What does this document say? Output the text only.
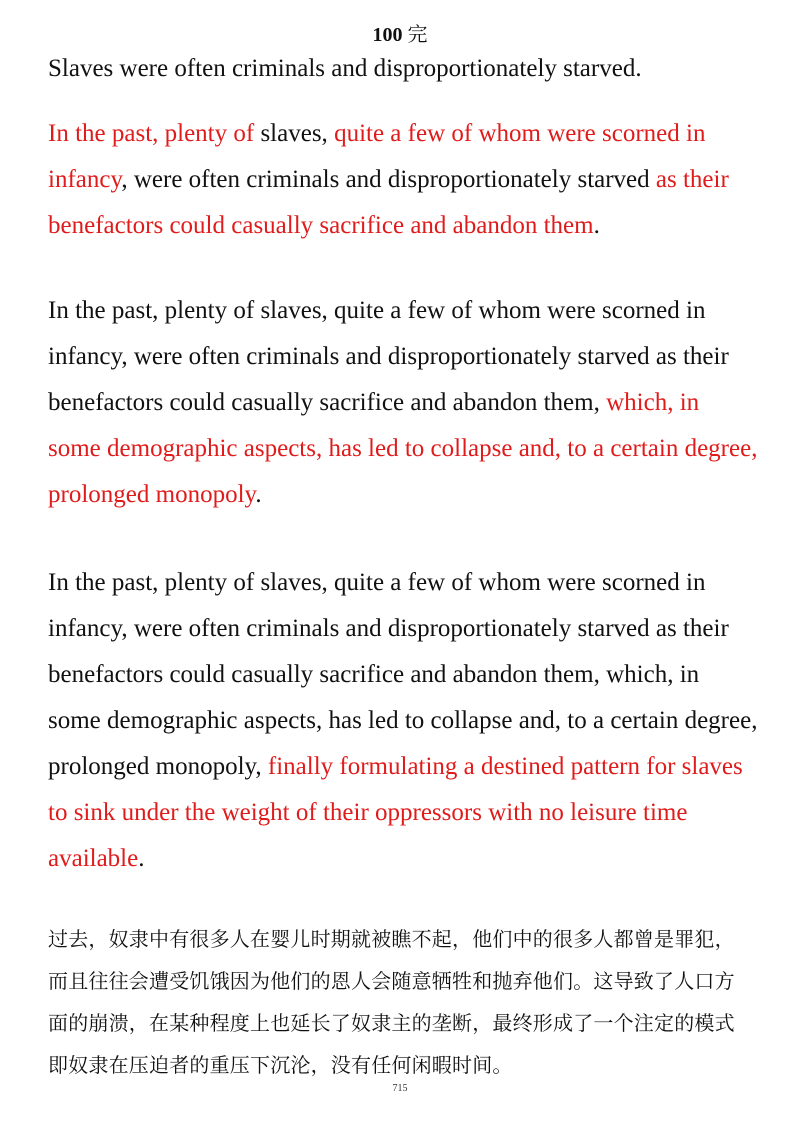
100 完
Slaves were often criminals and disproportionately starved.

In the past, plenty of slaves, quite a few of whom were scorned in infancy, were often criminals and disproportionately starved as their benefactors could casually sacrifice and abandon them.

In the past, plenty of slaves, quite a few of whom were scorned in infancy, were often criminals and disproportionately starved as their benefactors could casually sacrifice and abandon them, which, in some demographic aspects, has led to collapse and, to a certain degree, prolonged monopoly.

In the past, plenty of slaves, quite a few of whom were scorned in infancy, were often criminals and disproportionately starved as their benefactors could casually sacrifice and abandon them, which, in some demographic aspects, has led to collapse and, to a certain degree, prolonged monopoly, finally formulating a destined pattern for slaves to sink under the weight of their oppressors with no leisure time available.

过去，奴隶中有很多人在婴儿时期就被瞧不起，他们中的很多人都曾是罪犯，而且往往会遭受饥饿因为他们的恩人会随意牺牲和抛弃他们。这导致了人口方面的崩溃，在某种程度上也延长了奴隶主的垄断，最终形成了一个注定的模式即奴隶在压迫者的重压下沉沦，没有任何闲暇时间。
715
